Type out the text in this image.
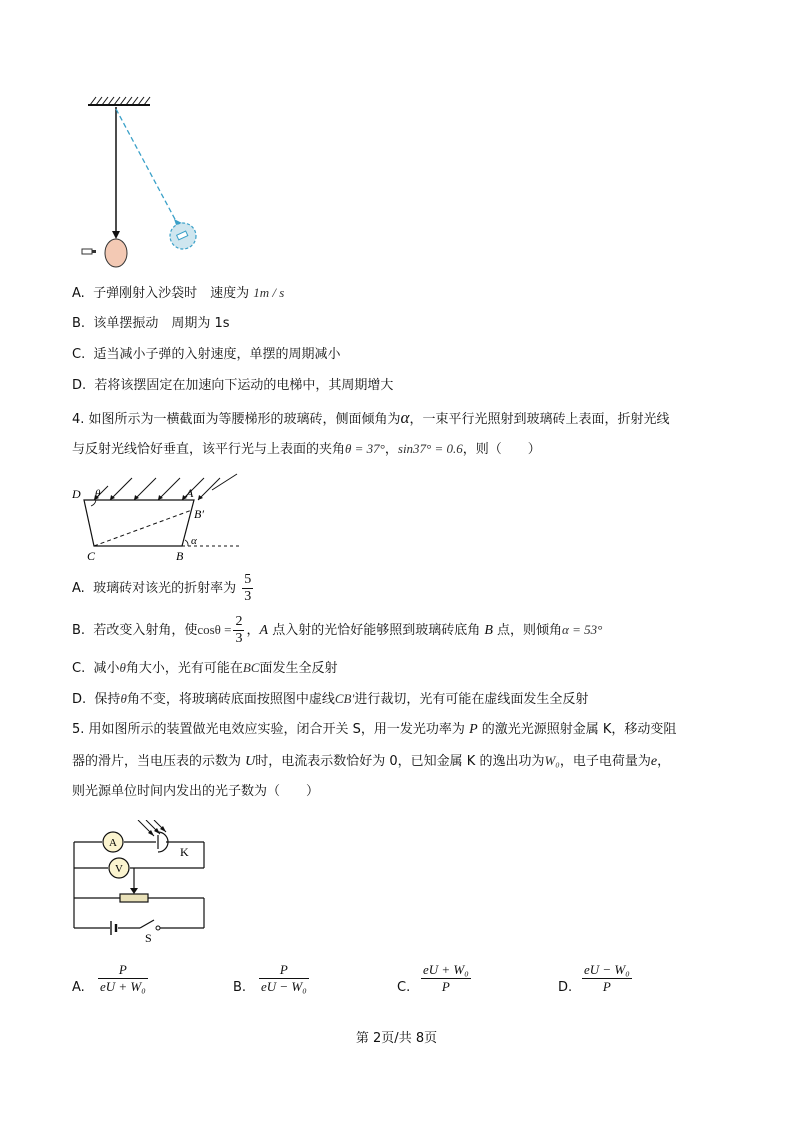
A. 子弹刚射入沙袋时　速度为 1m / s
B. 该单摆振动　周期为 1s
C. 适当减小子弹的入射速度，单摆的周期减小
D. 若将该摆固定在加速向下运动的电梯中，其周期增大
4. 如图所示为一横截面为等腰梯形的玻璃砖，侧面倾角为α，一束平行光照射到玻璃砖上表面，折射光线
与反射光线恰好垂直，该平行光与上表面的夹角θ = 37°，sin37° = 0.6，则（　　）
D θ	A
B′
α
C	B
A. 玻璃砖对该光的折射率为 $\frac{5}{3}$
B. 若改变入射角，使$\cos\theta = \frac{2}{3}$ ，A 点入射的光恰好能够照到玻璃砖底角 B 点，则倾角α = 53°
C. 减小θ角大小，光有可能在BC面发生全反射
D. 保持θ角不变，将玻璃砖底面按照图中虚线CB′进行裁切，光有可能在虚线面发生全反射
5. 用如图所示的装置做光电效应实验，闭合开关 S，用一发光功率为 P 的激光光源照射金属 K，移动变阻
器的滑片，当电压表的示数为 U时，电流表示数恰好为 0，已知金属 K 的逸出功为W₀，电子电荷量为e，
则光源单位时间内发出的光子数为（　　）
A
V
K
S
A. $\frac{P}{\text{eU + W₀}}$	B. $\frac{P}{\text{eU − W₀}}$	C. $\frac{\text{eU + W₀}}{P}$	D. $\frac{\text{eU − W₀}}{P}$
第 2页/共 8页
